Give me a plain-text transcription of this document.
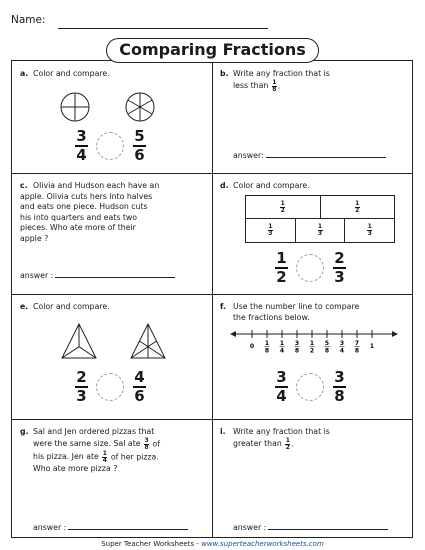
Name:
a. Color and compare.
$\frac{3}{4}$
	$\frac{5}{6}$
b. Write any fraction that is
less than $\frac{1}{8}$ .
answer:
c. Olivia and Hudson each have an
apple. Olivia cuts hers into halves
and eats one piece. Hudson cuts
his into quarters and eats two
pieces. Who ate more of their
apple ?
answer :
d. Color and compare.
1
2
1
2
1
3
1
3
1
3
$\frac{1}{2}$
	$\frac{2}{3}$
e. Color and compare.
$\frac{2}{3}$
	$\frac{4}{6}$
f. Use the number line to compare
the fractions below.
0 1
8
1
4
3
8
1
2
5
8
3
4
7
8
1
$\frac{3}{4}$
	$\frac{3}{8}$
g. Sal and Jen ordered pizzas that
were the same size. Sal ate $\frac{3}{8}$ of
his pizza. Jen ate $\frac{1}{4}$ of her pizza.
Who ate more pizza ?
answer :
i. Write any fraction that is
greater than $\frac{1}{2}$ .
answer :
Comparing Fractions
Super Teacher Worksheets - www.superteacherworksheets.com
